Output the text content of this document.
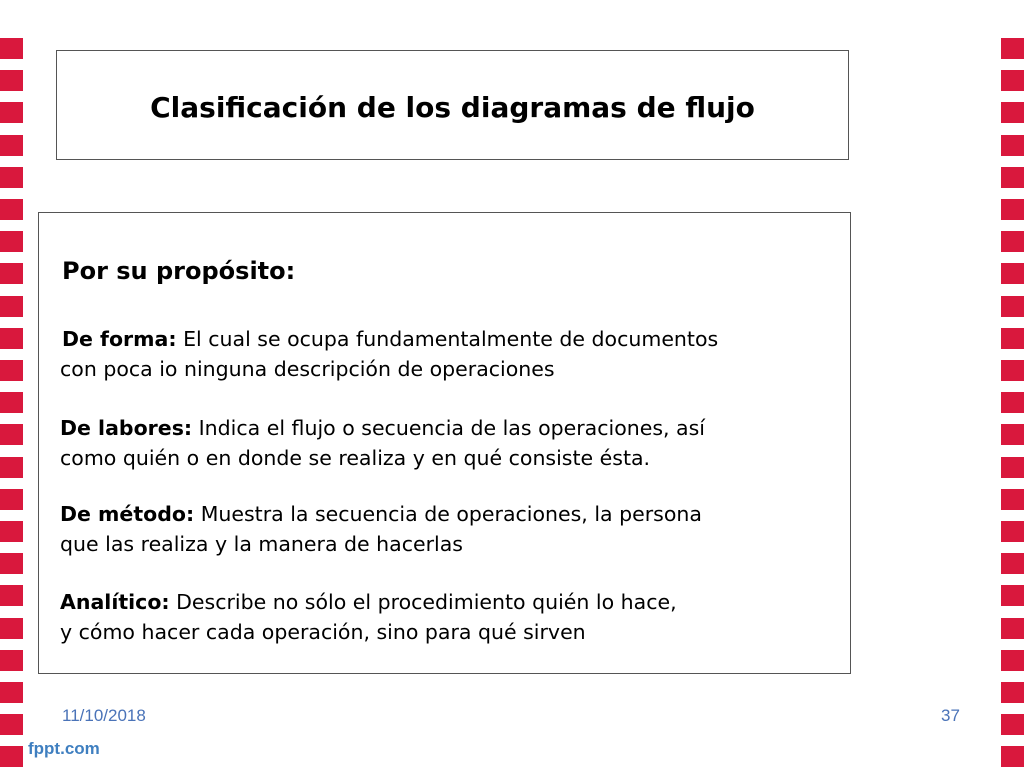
Clasificación de los diagramas de flujo
Por su propósito:
De forma: El cual se ocupa fundamentalmente de documentos
con poca io ninguna descripción de operaciones
De labores: Indica el flujo o secuencia de las operaciones, así
como quién o en donde se realiza y en qué consiste ésta.
De método: Muestra la secuencia de operaciones, la persona
que las realiza y la manera de hacerlas
Analítico: Describe no sólo el procedimiento quién lo hace,
y cómo hacer cada operación, sino para qué sirven
11/10/2018	37
fppt.com
